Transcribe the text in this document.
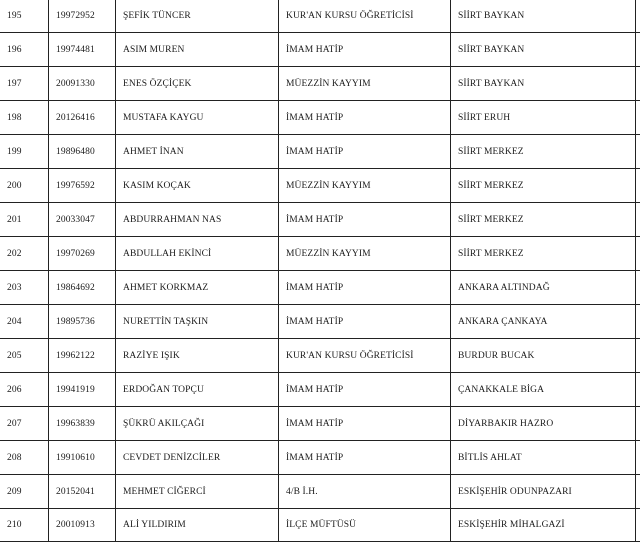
195	19972952	ŞEFİK TÜNCER	KUR'AN KURSU ÖĞRETİCİSİ	SİİRT BAYKAN	
196	19974481	ASIM MUREN	İMAM HATİP	SİİRT BAYKAN	
197	20091330	ENES ÖZÇİÇEK	MÜEZZİN KAYYIM	SİİRT BAYKAN	
198	20126416	MUSTAFA KAYGU	İMAM HATİP	SİİRT ERUH	
199	19896480	AHMET İNAN	İMAM HATİP	SİİRT MERKEZ	
200	19976592	KASIM KOÇAK	MÜEZZİN KAYYIM	SİİRT MERKEZ	
201	20033047	ABDURRAHMAN NAS	İMAM HATİP	SİİRT MERKEZ	
202	19970269	ABDULLAH EKİNCİ	MÜEZZİN KAYYIM	SİİRT MERKEZ	
203	19864692	AHMET KORKMAZ	İMAM HATİP	ANKARA ALTINDAĞ	
204	19895736	NURETTİN TAŞKIN	İMAM HATİP	ANKARA ÇANKAYA	
205	19962122	RAZİYE IŞIK	KUR'AN KURSU ÖĞRETİCİSİ	BURDUR BUCAK	
206	19941919	ERDOĞAN TOPÇU	İMAM HATİP	ÇANAKKALE BİGA	
207	19963839	ŞÜKRÜ AKILÇAĞI	İMAM HATİP	DİYARBAKIR HAZRO	
208	19910610	CEVDET DENİZCİLER	İMAM HATİP	BİTLİS AHLAT	
209	20152041	MEHMET CİĞERCİ	4/B İ.H.	ESKİŞEHİR ODUNPAZARI	
210	20010913	ALİ YILDIRIM	İLÇE MÜFTÜSÜ	ESKİŞEHİR MİHALGAZİ	
